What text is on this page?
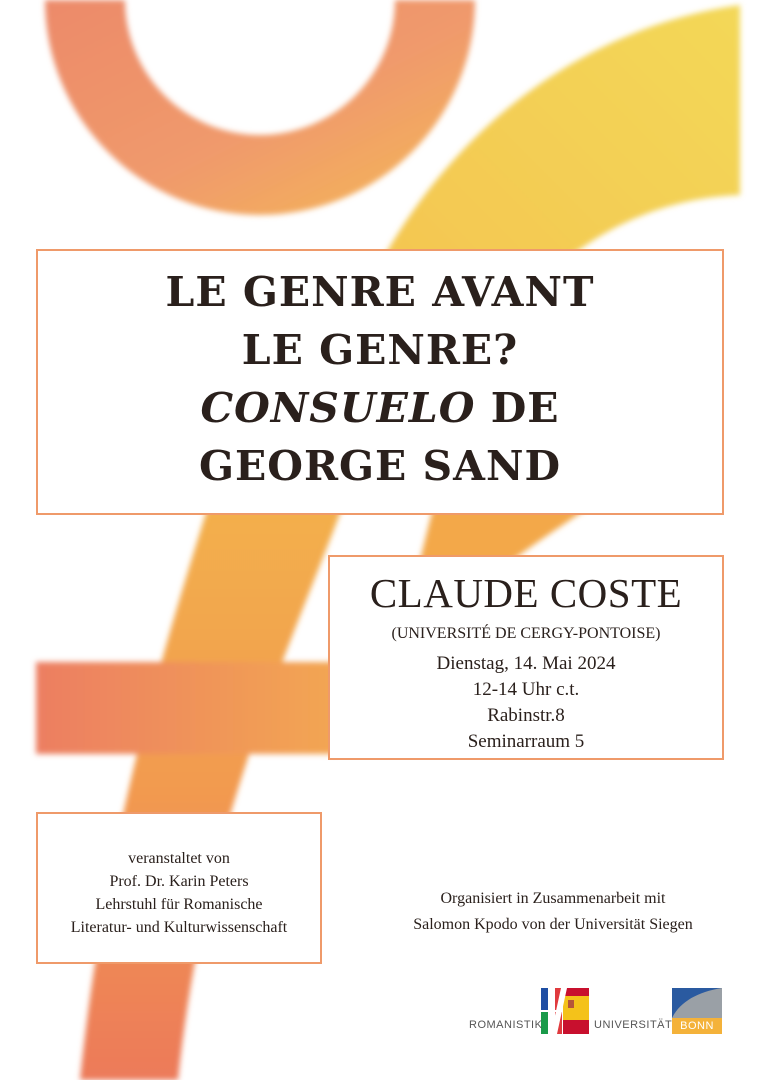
LE GENRE AVANT
LE GENRE?
CONSUELO DE
GEORGE SAND
CLAUDE COSTE
(UNIVERSITÉ DE CERGY-PONTOISE)
Dienstag, 14. Mai 2024
12-14 Uhr c.t.
Rabinstr.8
Seminarraum 5
veranstaltet von
Prof. Dr. Karin Peters
Lehrstuhl für Romanische
Literatur- und Kulturwissenschaft
Organisiert in Zusammenarbeit mit
Salomon Kpodo von der Universität Siegen
ROMANISTIK	UNIVERSITÄT BONN
